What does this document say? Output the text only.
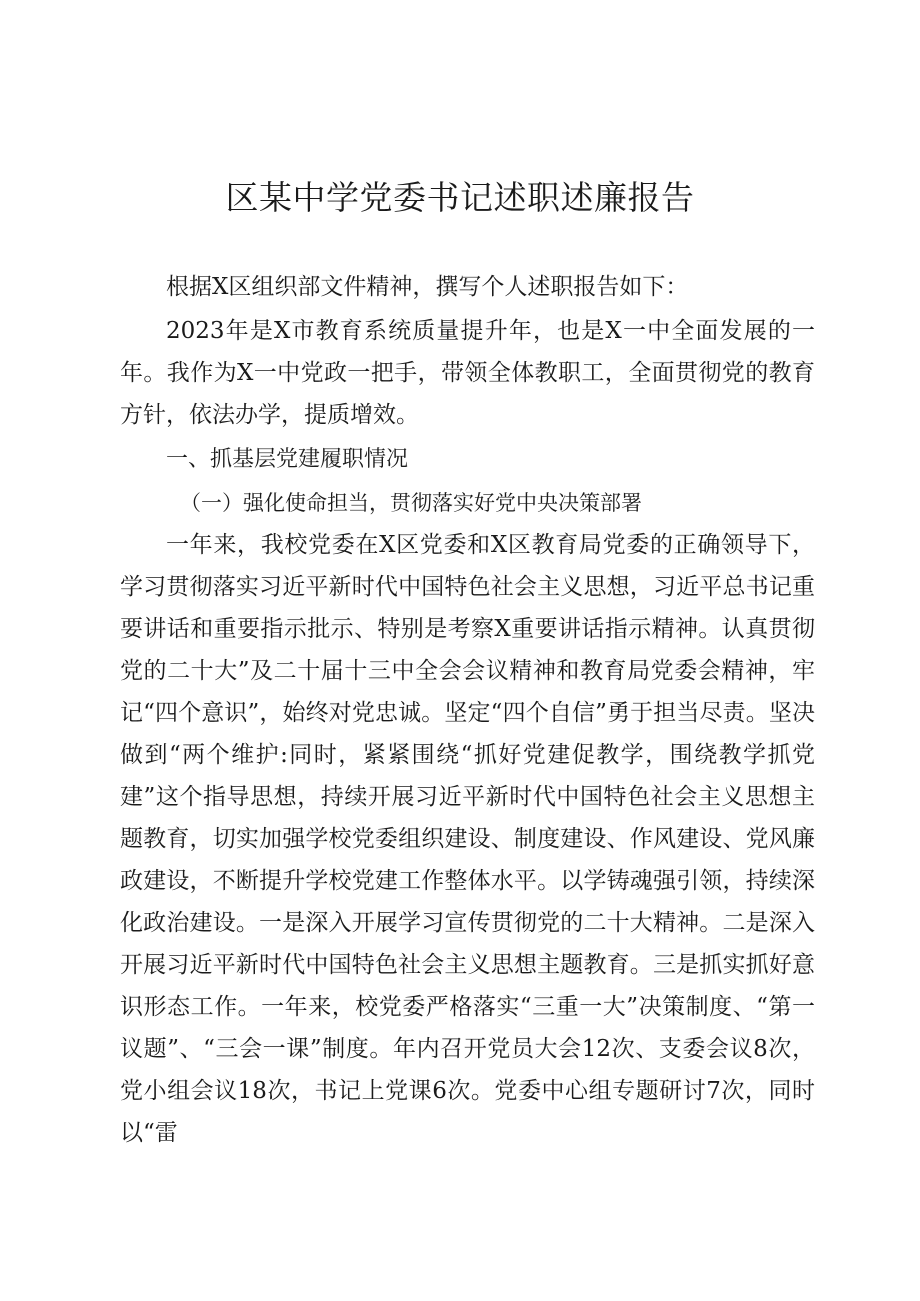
区某中学党委书记述职述廉报告

根据X区组织部文件精神，撰写个人述职报告如下：

2023年是X市教育系统质量提升年，也是X一中全面发展的一年。我作为X一中党政一把手，带领全体教职工，全面贯彻党的教育方针，依法办学，提质增效。

一、抓基层党建履职情况

（一）强化使命担当，贯彻落实好党中央决策部署

一年来，我校党委在X区党委和X区教育局党委的正确领导下，学习贯彻落实习近平新时代中国特色社会主义思想，习近平总书记重要讲话和重要指示批示、特别是考察X重要讲话指示精神。认真贯彻党的二十大”及二十届十三中全会会议精神和教育局党委会精神，牢记“四个意识”，始终对党忠诚。坚定“四个自信”勇于担当尽责。坚决做到“两个维护:同时，紧紧围绕“抓好党建促教学，围绕教学抓党建”这个指导思想，持续开展习近平新时代中国特色社会主义思想主题教育，切实加强学校党委组织建设、制度建设、作风建设、党风廉政建设，不断提升学校党建工作整体水平。以学铸魂强引领，持续深化政治建设。一是深入开展学习宣传贯彻党的二十大精神。二是深入开展习近平新时代中国特色社会主义思想主题教育。三是抓实抓好意识形态工作。一年来，校党委严格落实“三重一大”决策制度、“第一议题”、“三会一课”制度。年内召开党员大会12次、支委会议8次，党小组会议18次，书记上党课6次。党委中心组专题研讨7次，同时以“雷
